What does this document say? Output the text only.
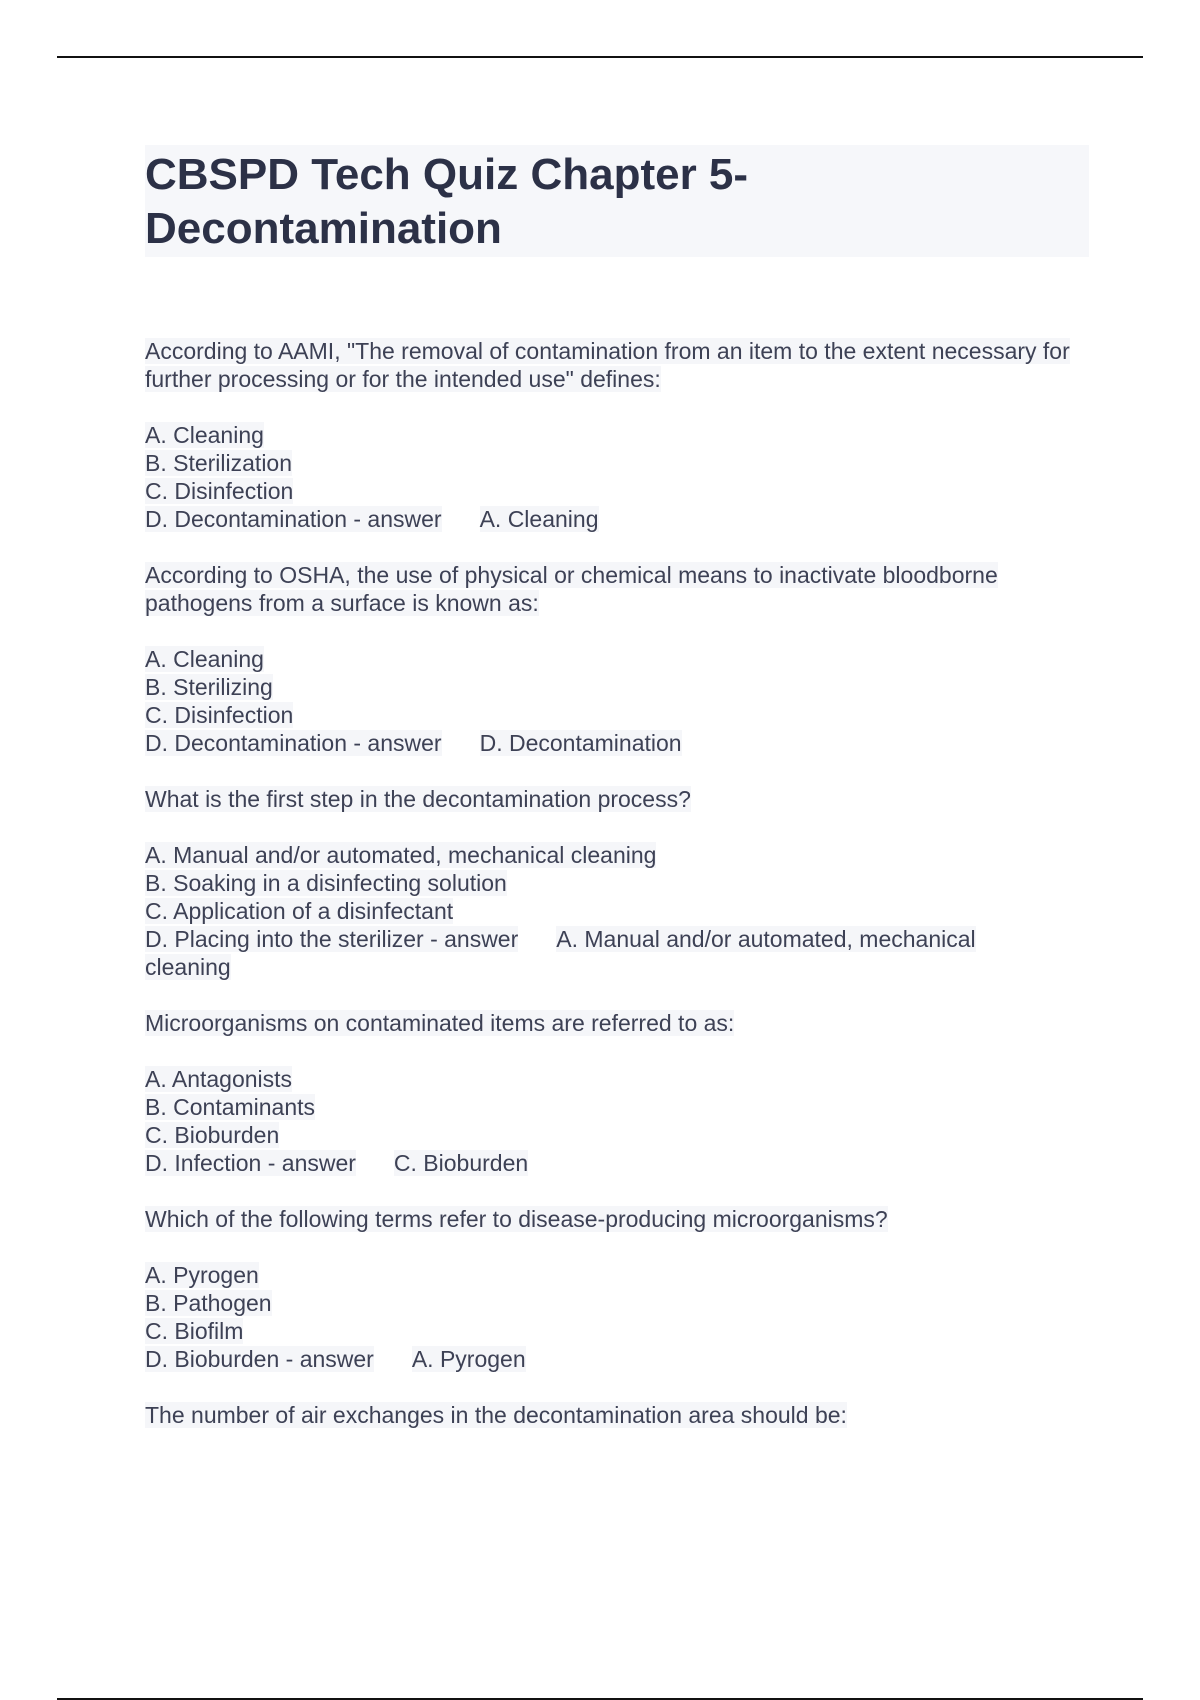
CBSPD Tech Quiz Chapter 5- Decontamination

According to AAMI, "The removal of contamination from an item to the extent necessary for further processing or for the intended use" defines:

A. Cleaning

B. Sterilization

C. Disinfection

D. Decontamination - answer A. Cleaning

According to OSHA, the use of physical or chemical means to inactivate bloodborne pathogens from a surface is known as:

A. Cleaning

B. Sterilizing

C. Disinfection

D. Decontamination - answer D. Decontamination

What is the first step in the decontamination process?

A. Manual and/or automated, mechanical cleaning

B. Soaking in a disinfecting solution

C. Application of a disinfectant

D. Placing into the sterilizer - answer A. Manual and/or automated, mechanical cleaning

Microorganisms on contaminated items are referred to as:

A. Antagonists

B. Contaminants

C. Bioburden

D. Infection - answer C. Bioburden

Which of the following terms refer to disease-producing microorganisms?

A. Pyrogen

B. Pathogen

C. Biofilm

D. Bioburden - answer A. Pyrogen

The number of air exchanges in the decontamination area should be:
